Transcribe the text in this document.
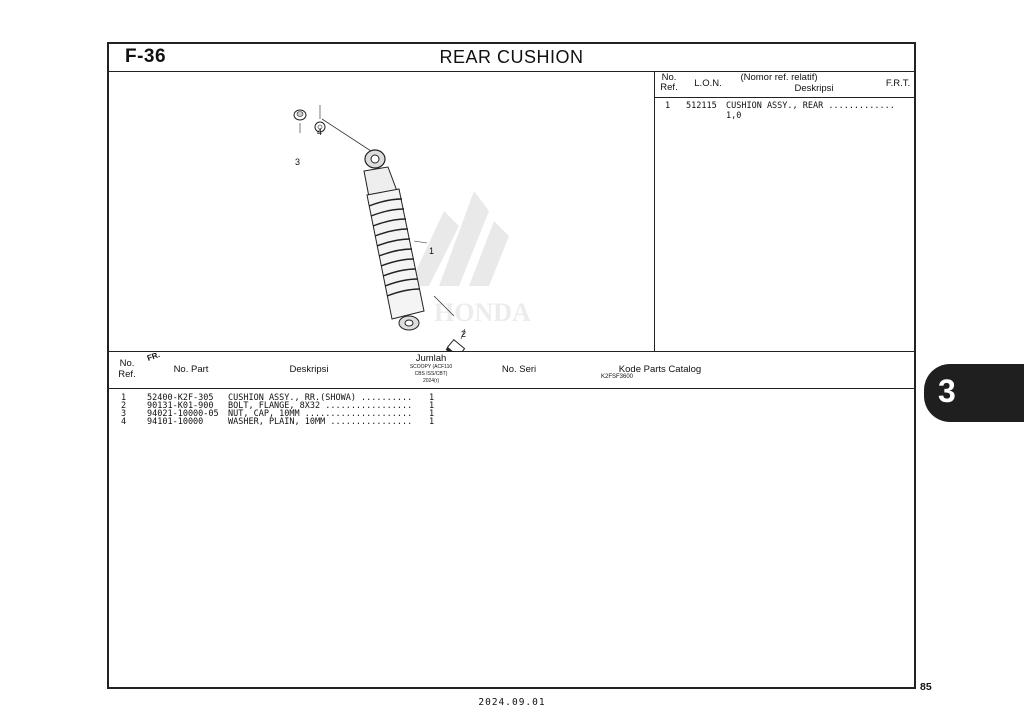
F-36	REAR CUSHION
HONDA
3
4
1
2
FR.
K2FSF3600
No.
Ref.	L.O.N.
(Nomor ref. relatif)
Deskripsi	F.R.T.
1 512115 CUSHION ASSY., REAR ............. 1,0
No.
Ref.	No. Part	Deskripsi
Jumlah
SCOOPY (ACF110
CBS ISS/CBT)
2024(r)
No. Seri	Kode Parts Catalog
1 52400-K2F-305 CUSHION ASSY., RR.(SHOWA) .......... 1
2 90131-K01-900 BOLT, FLANGE, 8X32 ................. 1
3 94021-10000-05 NUT, CAP, 10MM ..................... 1
4 94101-10000	WASHER, PLAIN, 10MM ................ 1
3
85
2024.09.01
